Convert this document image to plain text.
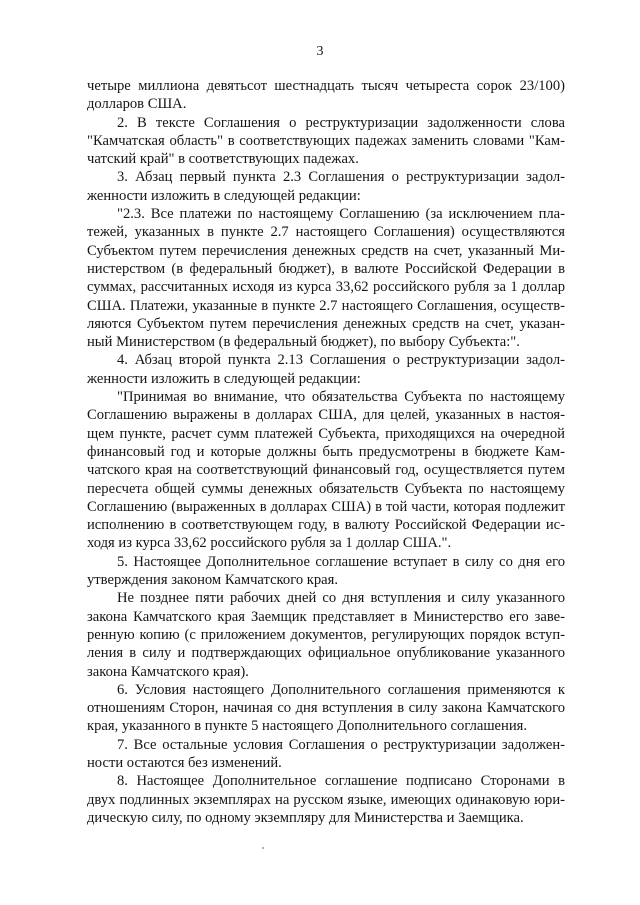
3
четыре миллиона девятьсот шестнадцать тысяч четыреста сорок 23/100)
долларов США.
2. В тексте Соглашения о реструктуризации задолженности слова
"Камчатская область" в соответствующих падежах заменить словами "Кам-
чатский край" в соответствующих падежах.
3. Абзац первый пункта 2.3 Соглашения о реструктуризации задол-
женности изложить в следующей редакции:
"2.3. Все платежи по настоящему Соглашению (за исключением пла-
тежей, указанных в пункте 2.7 настоящего Соглашения) осуществляются
Субъектом путем перечисления денежных средств на счет, указанный Ми-
нистерством (в федеральный бюджет), в валюте Российской Федерации в
суммах, рассчитанных исходя из курса 33,62 российского рубля за 1 доллар
США. Платежи, указанные в пункте 2.7 настоящего Соглашения, осуществ-
ляются Субъектом путем перечисления денежных средств на счет, указан-
ный Министерством (в федеральный бюджет), по выбору Субъекта:".
4. Абзац второй пункта 2.13 Соглашения о реструктуризации задол-
женности изложить в следующей редакции:
"Принимая во внимание, что обязательства Субъекта по настоящему
Соглашению выражены в долларах США, для целей, указанных в настоя-
щем пункте, расчет сумм платежей Субъекта, приходящихся на очередной
финансовый год и которые должны быть предусмотрены в бюджете Кам-
чатского края на соответствующий финансовый год, осуществляется путем
пересчета общей суммы денежных обязательств Субъекта по настоящему
Соглашению (выраженных в долларах США) в той части, которая подлежит
исполнению в соответствующем году, в валюту Российской Федерации ис-
ходя из курса 33,62 российского рубля за 1 доллар США.".
5. Настоящее Дополнительное соглашение вступает в силу со дня его
утверждения законом Камчатского края.
Не позднее пяти рабочих дней со дня вступления и силу указанного
закона Камчатского края Заемщик представляет в Министерство его заве-
ренную копию (с приложением документов, регулирующих порядок вступ-
ления в силу и подтверждающих официальное опубликование указанного
закона Камчатского края).
6. Условия настоящего Дополнительного соглашения применяются к
отношениям Сторон, начиная со дня вступления в силу закона Камчатского
края, указанного в пункте 5 настоящего Дополнительного соглашения.
7. Все остальные условия Соглашения о реструктуризации задолжен-
ности остаются без изменений.
8. Настоящее Дополнительное соглашение подписано Сторонами в
двух подлинных экземплярах на русском языке, имеющих одинаковую юри-
дическую силу, по одному экземпляру для Министерства и Заемщика.
